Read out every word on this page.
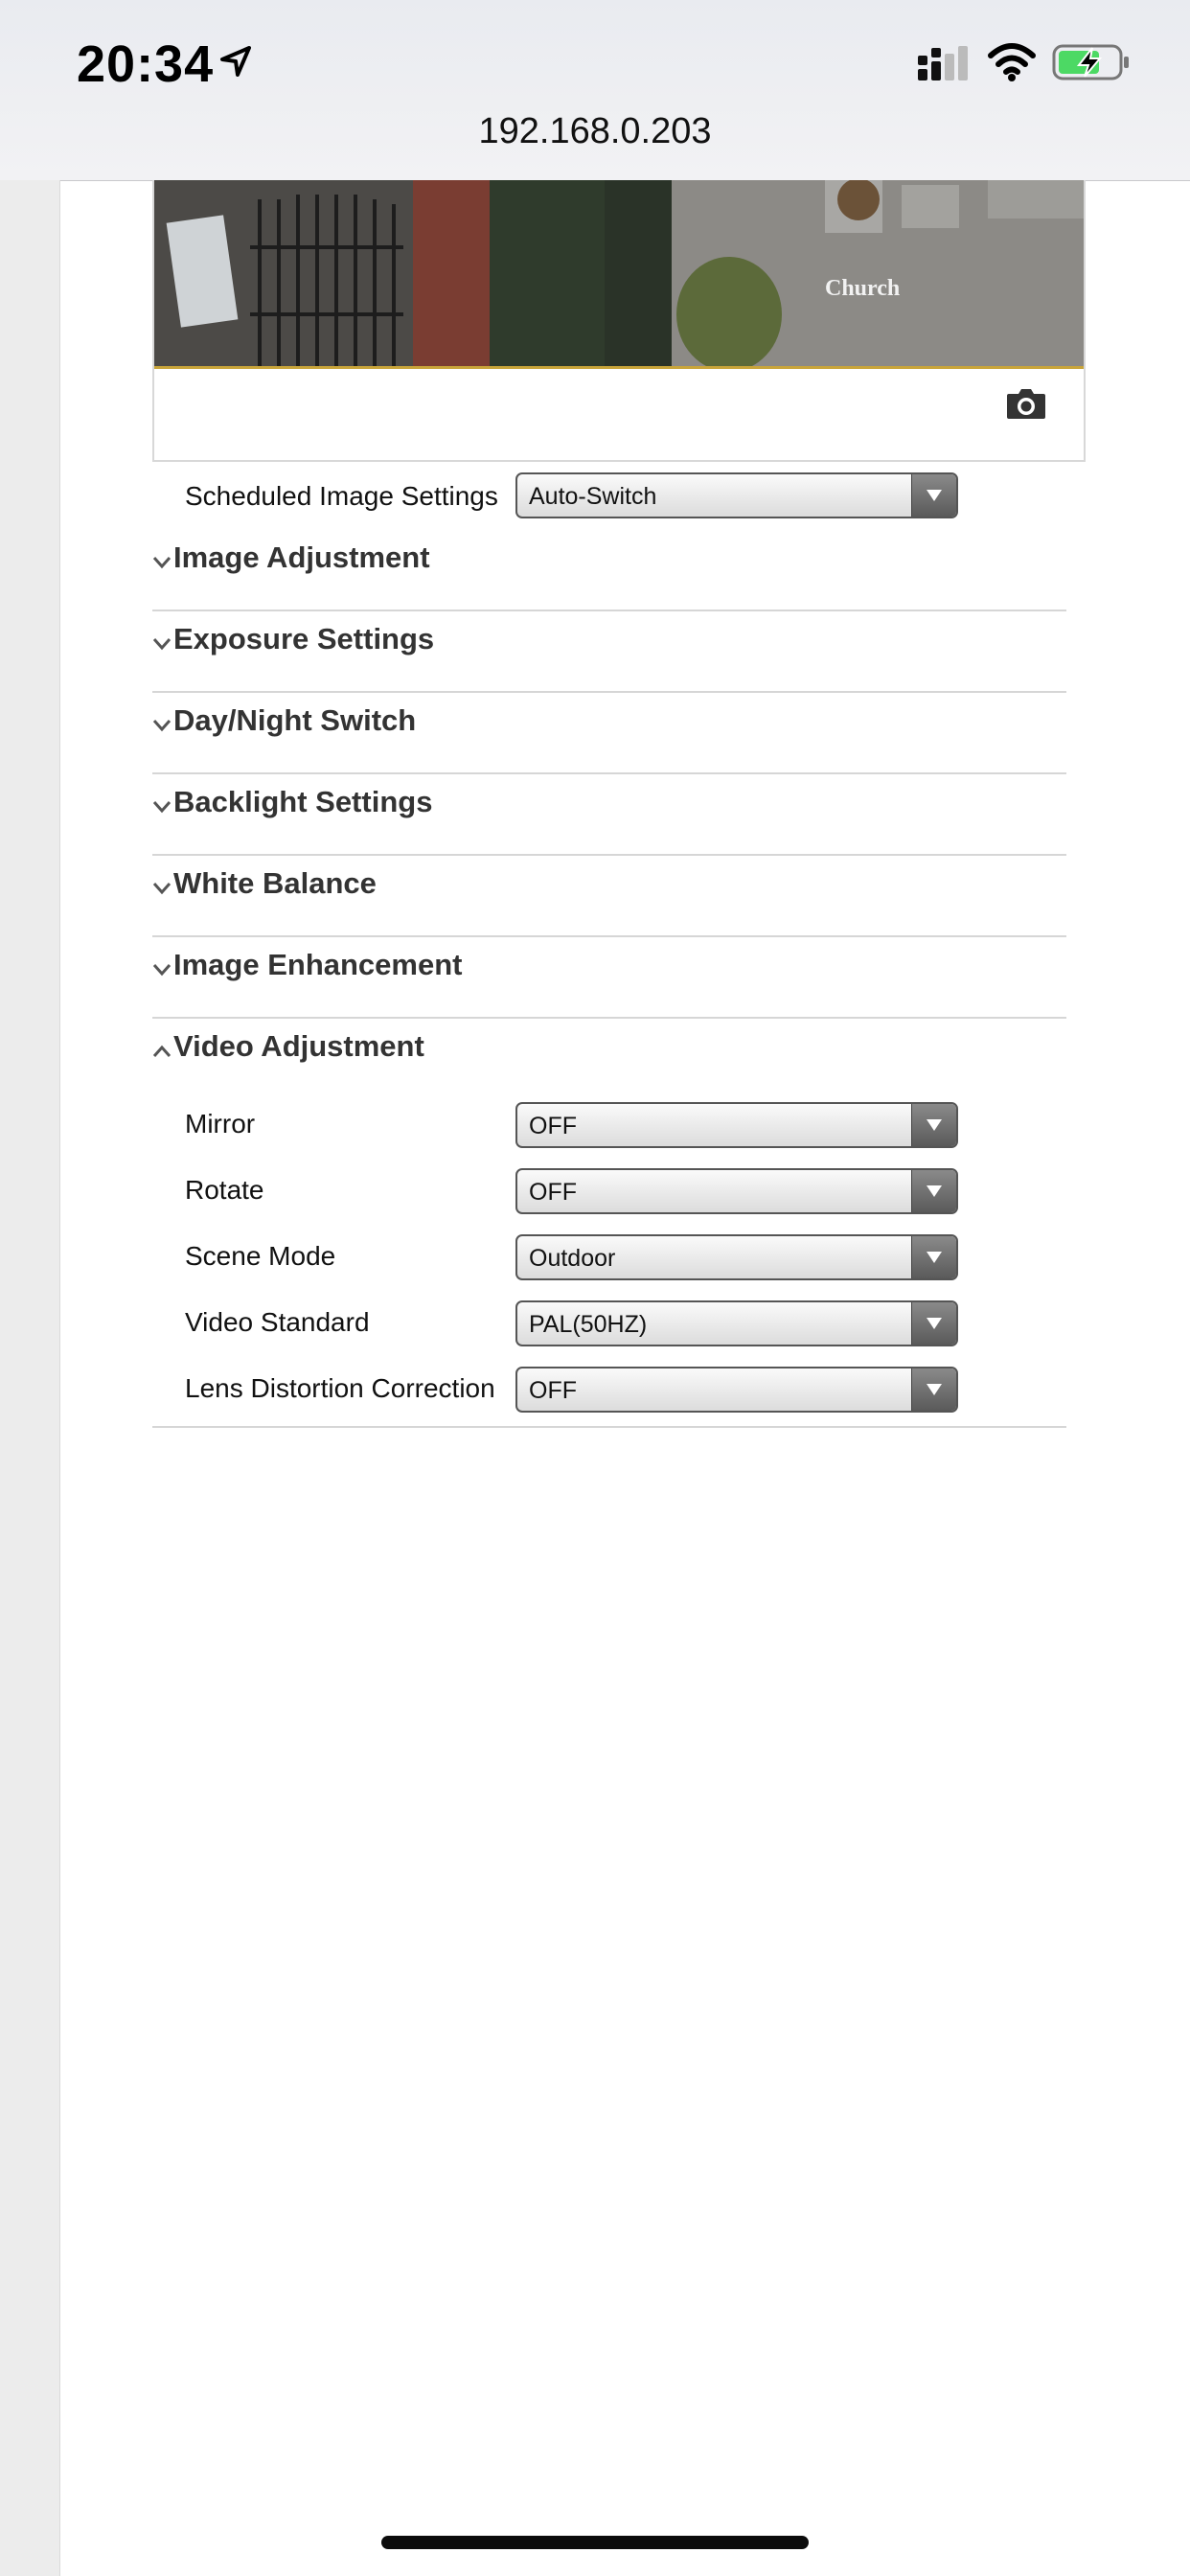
20:34
192.168.0.203
Church
Scheduled Image Settings Auto-Switch
Image Adjustment
Exposure Settings
Day/Night Switch
Backlight Settings
White Balance
Image Enhancement
Video Adjustment
Mirror	OFF
Rotate	OFF
Scene Mode	Outdoor
Video Standard	PAL(50HZ)
Lens Distortion Correction OFF
